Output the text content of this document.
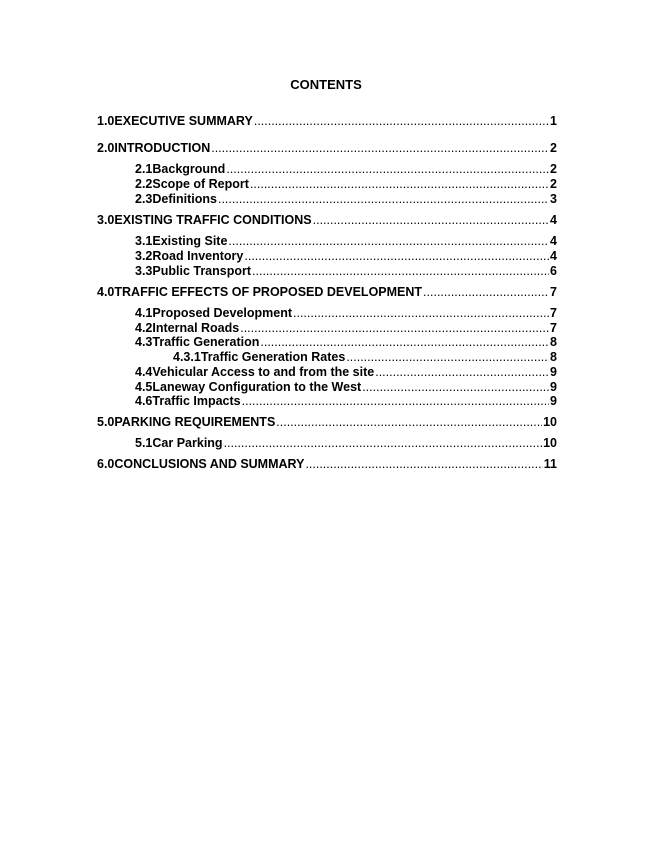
CONTENTS
1.0 EXECUTIVE SUMMARY .....	1
2.0 INTRODUCTION .....	2
2.1 Background .....	2
2.2 Scope of Report .....	2
2.3 Definitions .....	3
3.0 EXISTING TRAFFIC CONDITIONS .....	4
3.1 Existing Site .....	4
3.2 Road Inventory .....	4
3.3 Public Transport .....	6
4.0 TRAFFIC EFFECTS OF PROPOSED DEVELOPMENT .....	7
4.1 Proposed Development .....	7
4.2 Internal Roads .....	7
4.3 Traffic Generation .....	8
4.3.1 Traffic Generation Rates .....	8
4.4 Vehicular Access to and from the site .....	9
4.5 Laneway Configuration to the West .....	9
4.6 Traffic Impacts .....	9
5.0 PARKING REQUIREMENTS .....	10
5.1 Car Parking .....	10
6.0 CONCLUSIONS AND SUMMARY .....	11
